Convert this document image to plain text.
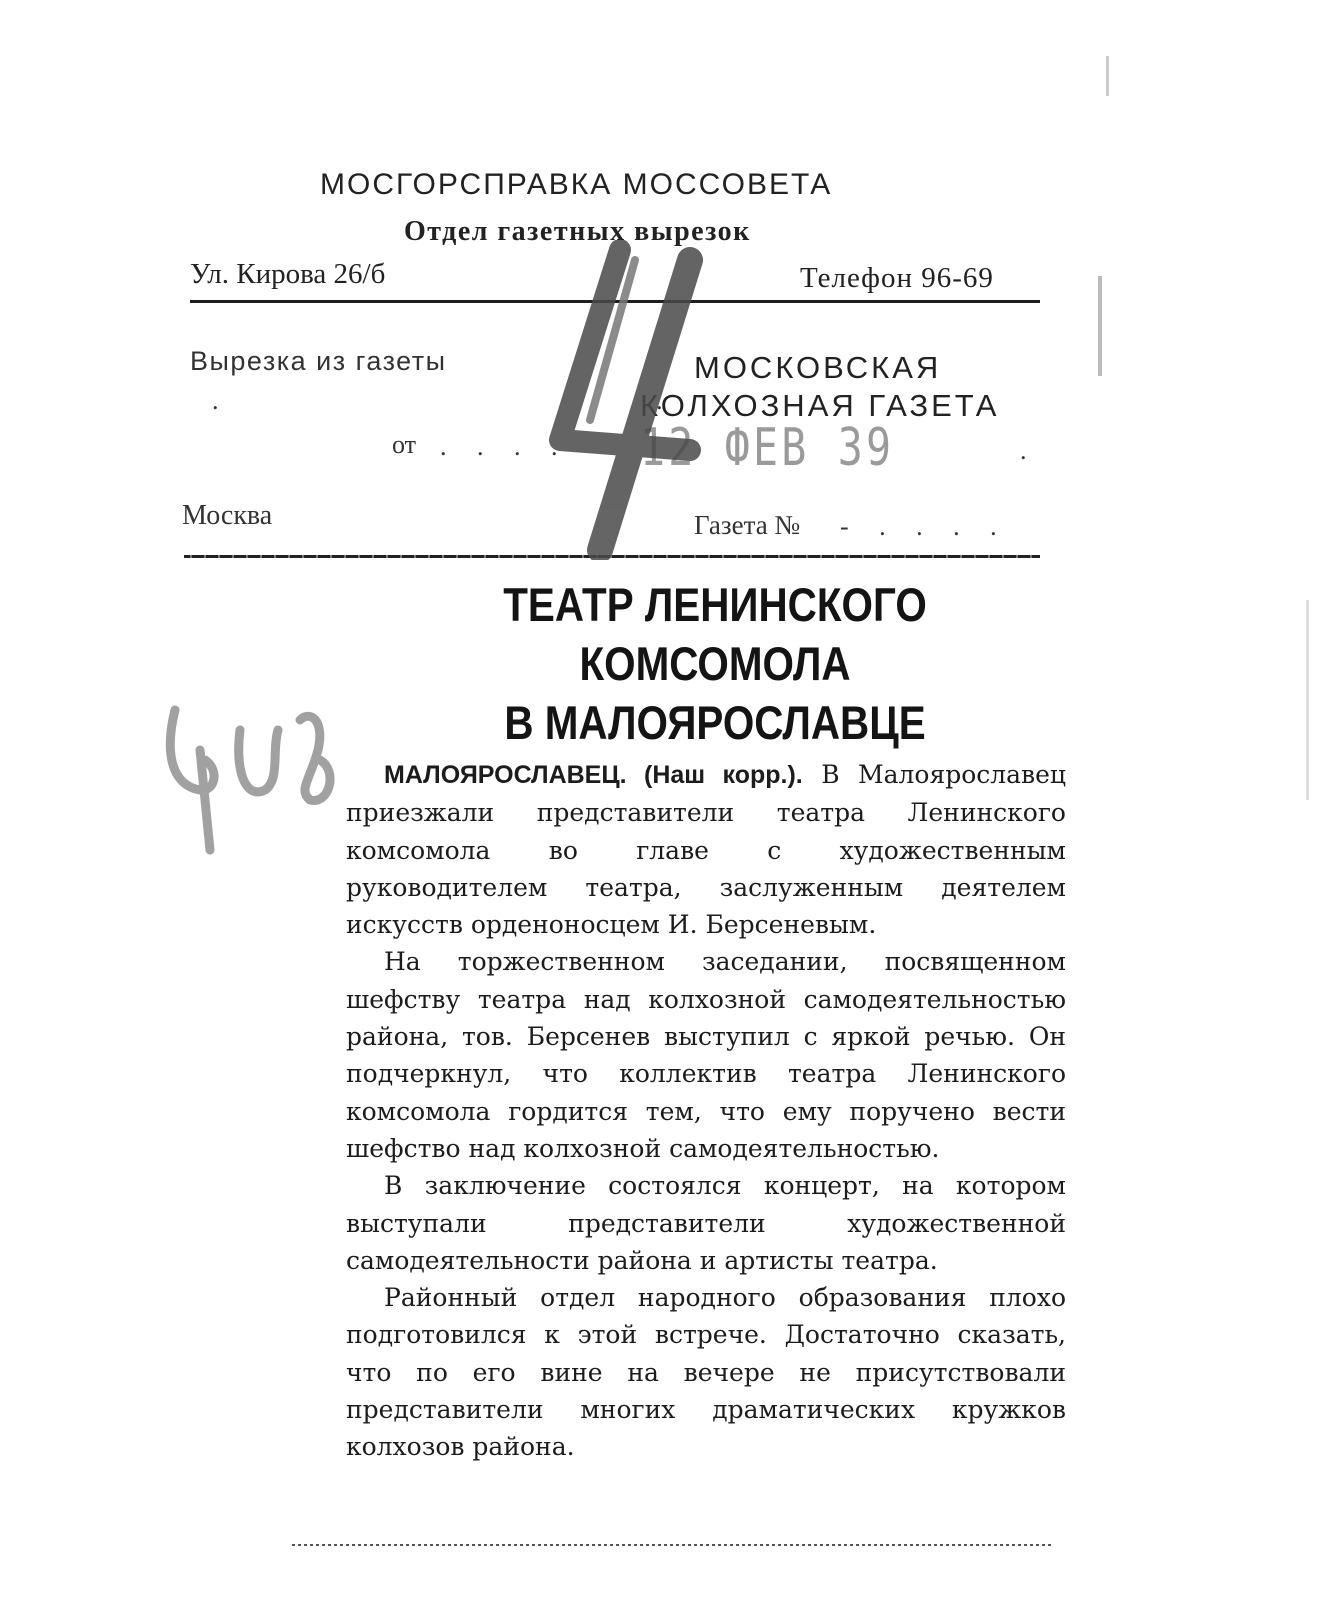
МОСГОРСПРАВКА МОССОВЕТА
Отдел газетных вырезок
Ул. Кирова 26/б	Телефон 96-69
Вырезка из газеты
.                       .
МОСКОВСКАЯ
КОЛХОЗНАЯ ГАЗЕТА
от . . . . 12 ФЕВ 39	.
Москва	Газета № - . . . .
ТЕАТР ЛЕНИНСКОГО
КОМСОМОЛА
В МАЛОЯРОСЛАВЦЕ

МАЛОЯРОСЛАВЕЦ. (Наш корр.). В Малоярославец приезжали представители театра Ленинского комсомола во главе с художественным руководителем театра, заслуженным деятелем искусств орденоносцем И. Берсеневым.

На торжественном заседании, посвященном шефству театра над колхозной самодеятельностью района, тов. Берсенев выступил с яркой речью. Он подчеркнул, что коллектив театра Ленинского комсомола гордится тем, что ему поручено вести шефство над колхозной самодеятельностью.

В заключение состоялся концерт, на котором выступали представители художественной самодеятельности района и артисты театра.

Районный отдел народного образования плохо подготовился к этой встрече. Достаточно сказать, что по его вине на вечере не присутствовали представители многих драматических кружков колхозов района.
